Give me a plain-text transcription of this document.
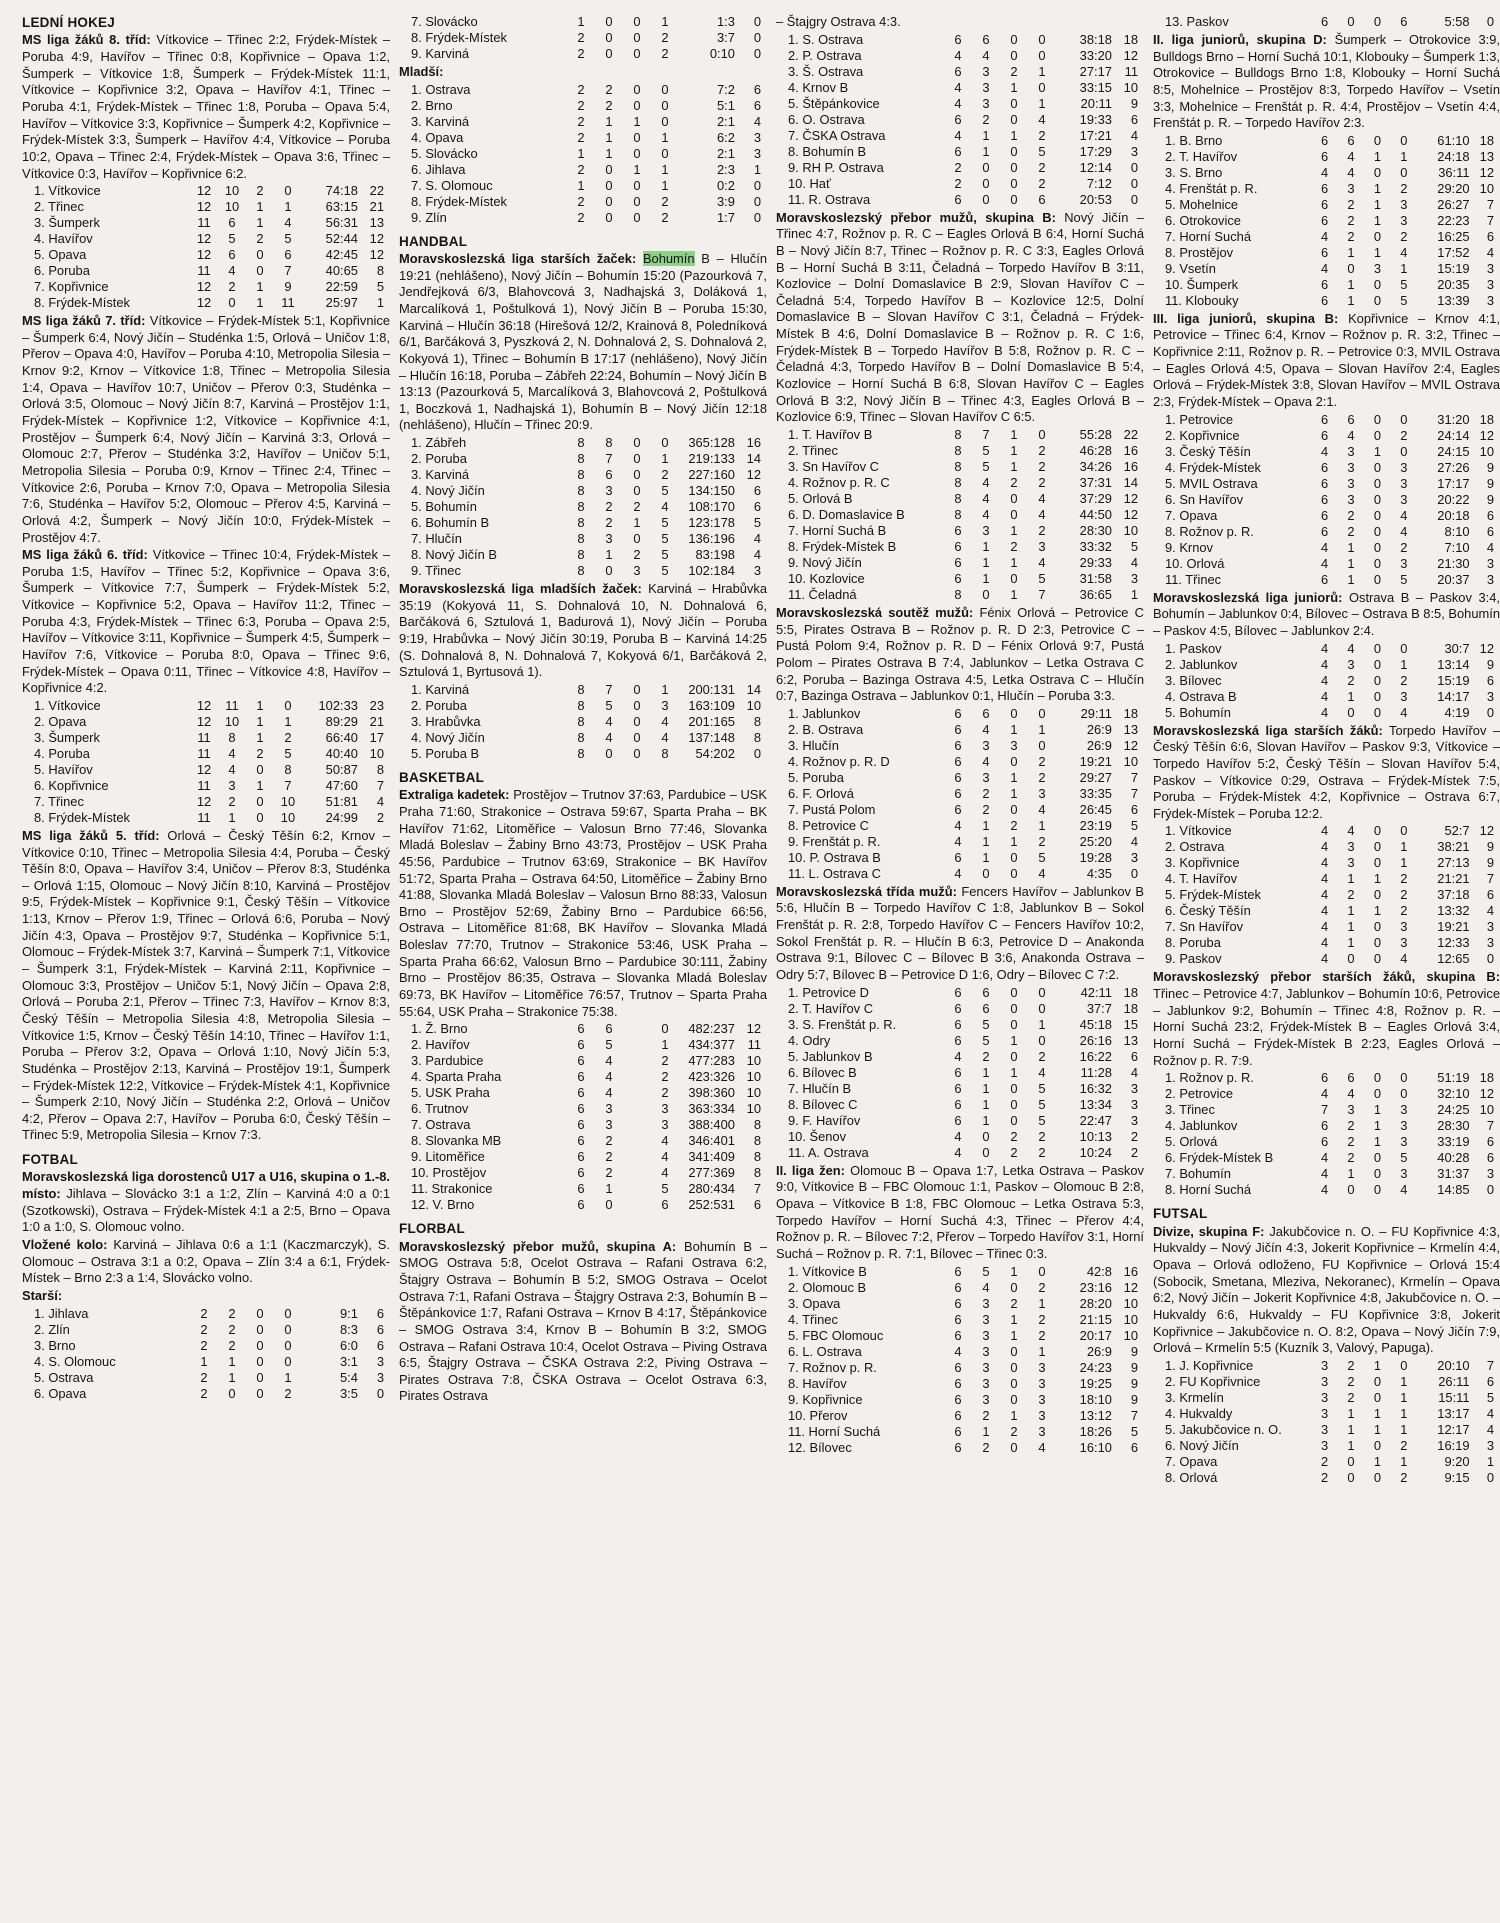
LEDNÍ HOKEJ

MS liga žáků 8. tříd: Vítkovice – Třinec 2:2, Frýdek-Místek – Poruba 4:9, Havířov – Třinec 0:8, Kopřivnice – Opava 1:2, Šumperk – Vítkovice 1:8, Šumperk – Frýdek-Místek 11:1, Vítkovice – Kopřivnice 3:2, Opava – Havířov 4:1, Třinec – Poruba 4:1, Frýdek-Místek – Třinec 1:8, Poruba – Opava 5:4, Havířov – Vítkovice 3:3, Kopřivnice – Šumperk 4:2, Kopřivnice – Frýdek-Místek 3:3, Šumperk – Havířov 4:4, Vítkovice – Poruba 10:2, Opava – Třinec 2:4, Frýdek-Místek – Opava 3:6, Třinec – Vítkovice 0:3, Havířov – Kopřivnice 6:2.

1. Vítkovice	12	10	2	0	74:18	22
2. Třinec	12	10	1	1	63:15	21
3. Šumperk	11	6	1	4	56:31	13
4. Havířov	12	5	2	5	52:44	12
5. Opava	12	6	0	6	42:45	12
6. Poruba	11	4	0	7	40:65	8
7. Kopřivnice	12	2	1	9	22:59	5
8. Frýdek-Místek	12	0	1	11	25:97	1

MS liga žáků 7. tříd: Vítkovice – Frýdek-Místek 5:1, Kopřivnice – Šumperk 6:4, Nový Jičín – Studénka 1:5, Orlová – Uničov 1:8, Přerov – Opava 4:0, Havířov – Poruba 4:10, Metropolia Silesia – Krnov 9:2, Krnov – Vítkovice 1:8, Třinec – Metropolia Silesia 1:4, Opava – Havířov 10:7, Uničov – Přerov 0:3, Studénka – Orlová 3:5, Olomouc – Nový Jičín 8:7, Karviná – Prostějov 1:1, Frýdek-Místek – Kopřivnice 1:2, Vítkovice – Kopřivnice 4:1, Prostějov – Šumperk 6:4, Nový Jičín – Karviná 3:3, Orlová – Olomouc 2:7, Přerov – Studénka 3:2, Havířov – Uničov 5:1, Metropolia Silesia – Poruba 0:9, Krnov – Třinec 2:4, Třinec – Vítkovice 2:6, Poruba – Krnov 7:0, Opava – Metropolia Silesia 7:6, Studénka – Havířov 5:2, Olomouc – Přerov 4:5, Karviná – Orlová 4:2, Šumperk – Nový Jičín 10:0, Frýdek-Místek – Prostějov 4:7.

MS liga žáků 6. tříd: Vítkovice – Třinec 10:4, Frýdek-Místek – Poruba 1:5, Havířov – Třinec 5:2, Kopřivnice – Opava 3:6, Šumperk – Vítkovice 7:7, Šumperk – Frýdek-Místek 5:2, Vítkovice – Kopřivnice 5:2, Opava – Havířov 11:2, Třinec – Poruba 4:3, Frýdek-Místek – Třinec 6:3, Poruba – Opava 2:5, Havířov – Vítkovice 3:11, Kopřivnice – Šumperk 4:5, Šumperk – Havířov 7:6, Vítkovice – Poruba 8:0, Opava – Třinec 9:6, Frýdek-Místek – Opava 0:11, Třinec – Vítkovice 4:8, Havířov – Kopřivnice 4:2.

1. Vítkovice	12	11	1	0	102:33	23
2. Opava	12	10	1	1	89:29	21
3. Šumperk	11	8	1	2	66:40	17
4. Poruba	11	4	2	5	40:40	10
5. Havířov	12	4	0	8	50:87	8
6. Kopřivnice	11	3	1	7	47:60	7
7. Třinec	12	2	0	10	51:81	4
8. Frýdek-Místek	11	1	0	10	24:99	2

MS liga žáků 5. tříd: Orlová – Český Těšín 6:2, Krnov – Vítkovice 0:10, Třinec – Metropolia Silesia 4:4, Poruba – Český Těšín 8:0, Opava – Havířov 3:4, Uničov – Přerov 8:3, Studénka – Orlová 1:15, Olomouc – Nový Jičín 8:10, Karviná – Prostějov 9:5, Frýdek-Místek – Kopřivnice 9:1, Český Těšín – Vítkovice 1:13, Krnov – Přerov 1:9, Třinec – Orlová 6:6, Poruba – Nový Jičín 4:3, Opava – Prostějov 9:7, Studénka – Kopřivnice 5:1, Olomouc – Frýdek-Místek 3:7, Karviná – Šumperk 7:1, Vítkovice – Šumperk 3:1, Frýdek-Místek – Karviná 2:11, Kopřivnice – Olomouc 3:3, Prostějov – Uničov 5:1, Nový Jičín – Opava 2:8, Orlová – Poruba 2:1, Přerov – Třinec 7:3, Havířov – Krnov 8:3, Český Těšín – Metropolia Silesia 4:8, Metropolia Silesia – Vítkovice 1:5, Krnov – Český Těšín 14:10, Třinec – Havířov 1:1, Poruba – Přerov 3:2, Opava – Orlová 1:10, Nový Jičín 5:3, Studénka – Prostějov 2:13, Karviná – Prostějov 19:1, Šumperk – Frýdek-Místek 12:2, Vítkovice – Frýdek-Místek 4:1, Kopřivnice – Šumperk 2:10, Nový Jičín – Studénka 2:2, Orlová – Uničov 4:2, Přerov – Opava 2:7, Havířov – Poruba 6:0, Český Těšín – Třinec 5:9, Metropolia Silesia – Krnov 7:3.

FOTBAL

Moravskoslezská liga dorostenců U17 a U16, skupina o 1.-8. místo: Jihlava – Slovácko 3:1 a 1:2, Zlín – Karviná 4:0 a 0:1 (Szotkowski), Ostrava – Frýdek-Místek 4:1 a 2:5, Brno – Opava 1:0 a 1:0, S. Olomouc volno.

Vložené kolo: Karviná – Jihlava 0:6 a 1:1 (Kaczmarczyk), S. Olomouc – Ostrava 3:1 a 0:2, Opava – Zlín 3:4 a 6:1, Frýdek-Místek – Brno 2:3 a 1:4, Slovácko volno.

Starší:

1. Jihlava	2	2	0	0	9:1	6
2. Zlín	2	2	0	0	8:3	6
3. Brno	2	2	0	0	6:0	6
4. S. Olomouc	1	1	0	0	3:1	3
5. Ostrava	2	1	0	1	5:4	3
6. Opava	2	0	0	2	3:5	0
7. Slovácko	1	0	0	1	1:3	0
8. Frýdek-Místek	2	0	0	2	3:7	0
9. Karviná	2	0	0	2	0:10	0

Mladší:

1. Ostrava	2	2	0	0	7:2	6
2. Brno	2	2	0	0	5:1	6
3. Karviná	2	1	1	0	2:1	4
4. Opava	2	1	0	1	6:2	3
5. Slovácko	1	1	0	0	2:1	3
6. Jihlava	2	0	1	1	2:3	1
7. S. Olomouc	1	0	0	1	0:2	0
8. Frýdek-Místek	2	0	0	2	3:9	0
9. Zlín	2	0	0	2	1:7	0
HANDBAL

Moravskoslezská liga starších žaček: Bohumín B – Hlučín 19:21 (nehlášeno), Nový Jičín – Bohumín 15:20 (Pazourková 7, Jendřejková 6/3, Blahovcová 3, Nadhajská 3, Doláková 1, Marcalíková 1, Poštulková 1), Nový Jičín B – Poruba 15:30, Karviná – Hlučín 36:18 (Hirešová 12/2, Krainová 8, Poledníková 6/1, Barčáková 3, Pyszková 2, N. Dohnalová 2, S. Dohnalová 2, Kokyová 1), Třinec – Bohumín B 17:17 (nehlášeno), Nový Jičín – Hlučín 16:18, Poruba – Zábřeh 22:24, Bohumín – Nový Jičín B 13:13 (Pazourková 5, Marcalíková 3, Blahovcová 2, Poštulková 1, Boczková 1, Nadhajská 1), Bohumín B – Nový Jičín 12:18 (nehlášeno), Hlučín – Třinec 20:9.

1. Zábřeh	8	8	0	0	365:128	16
2. Poruba	8	7	0	1	219:133	14
3. Karviná	8	6	0	2	227:160	12
4. Nový Jičín	8	3	0	5	134:150	6
5. Bohumín	8	2	2	4	108:170	6
6. Bohumín B	8	2	1	5	123:178	5
7. Hlučín	8	3	0	5	136:196	4
8. Nový Jičín B	8	1	2	5	83:198	4
9. Třinec	8	0	3	5	102:184	3

Moravskoslezská liga mladších žaček: Karviná – Hrabůvka 35:19 (Kokyová 11, S. Dohnalová 10, N. Dohnalová 6, Barčáková 6, Sztulová 1, Badurová 1), Nový Jičín – Poruba 9:19, Hrabůvka – Nový Jičín 30:19, Poruba B – Karviná 14:25 (S. Dohnalová 8, N. Dohnalová 7, Kokyová 6/1, Barčáková 2, Sztulová 1, Byrtusová 1).

1. Karviná	8	7	0	1	200:131	14
2. Poruba	8	5	0	3	163:109	10
3. Hrabůvka	8	4	0	4	201:165	8
4. Nový Jičín	8	4	0	4	137:148	8
5. Poruba B	8	0	0	8	54:202	0
BASKETBAL

Extraliga kadetek: Prostějov – Trutnov 37:63, Pardubice – USK Praha 71:60, Strakonice – Ostrava 59:67, Sparta Praha – BK Havířov 71:62, Litoměřice – Valosun Brno 77:46, Slovanka Mladá Boleslav – Žabiny Brno 43:73, Prostějov – USK Praha 45:56, Pardubice – Trutnov 63:69, Strakonice – BK Havířov 51:72, Sparta Praha – Ostrava 64:50, Litoměřice – Žabiny Brno 41:88, Slovanka Mladá Boleslav – Valosun Brno 88:33, Valosun Brno – Prostějov 52:69, Žabiny Brno – Pardubice 66:56, Ostrava – Litoměřice 81:68, BK Havířov – Slovanka Mladá Boleslav 77:70, Trutnov – Strakonice 53:46, USK Praha – Sparta Praha 66:62, Valosun Brno – Pardubice 30:111, Žabiny Brno – Prostějov 86:35, Ostrava – Slovanka Mladá Boleslav 69:73, BK Havířov – Litoměřice 76:57, Trutnov – Sparta Praha 55:64, USK Praha – Strakonice 75:38.

1. Ž. Brno	6	6		0	482:237	12
2. Havířov	6	5		1	434:377	11
3. Pardubice	6	4		2	477:283	10
4. Sparta Praha	6	4		2	423:326	10
5. USK Praha	6	4		2	398:360	10
6. Trutnov	6	3		3	363:334	10
7. Ostrava	6	3		3	388:400	8
8. Slovanka MB	6	2		4	346:401	8
9. Litoměřice	6	2		4	341:409	8
10. Prostějov	6	2		4	277:369	8
11. Strakonice	6	1		5	280:434	7
12. V. Brno	6	0		6	252:531	6
FLORBAL

Moravskoslezský přebor mužů, skupina A: Bohumín B – SMOG Ostrava 5:8, Ocelot Ostrava – Rafani Ostrava 6:2, Štajgry Ostrava – Bohumín B 5:2, SMOG Ostrava – Ocelot Ostrava 7:1, Rafani Ostrava – Štajgry Ostrava 2:3, Bohumín B – Štěpánkovice 1:7, Rafani Ostrava – Krnov B 4:17, Štěpánkovice – SMOG Ostrava 3:4, Krnov B – Bohumín B 3:2, SMOG Ostrava – Rafani Ostrava 10:4, Ocelot Ostrava – Piving Ostrava 6:5, Štajgry Ostrava – ČSKA Ostrava 2:2, Piving Ostrava – Pirates Ostrava 7:8, ČSKA Ostrava – Ocelot Ostrava 6:3, Pirates Ostrava

– Štajgry Ostrava 4:3.

1. S. Ostrava	6	6	0	0	38:18	18
2. P. Ostrava	4	4	0	0	33:20	12
3. Š. Ostrava	6	3	2	1	27:17	11
4. Krnov B	4	3	1	0	33:15	10
5. Štěpánkovice	4	3	0	1	20:11	9
6. O. Ostrava	6	2	0	4	19:33	6
7. ČSKA Ostrava	4	1	1	2	17:21	4
8. Bohumín B	6	1	0	5	17:29	3
9. RH P. Ostrava	2	0	0	2	12:14	0
10. Hať	2	0	0	2	7:12	0
11. R. Ostrava	6	0	0	6	20:53	0

Moravskoslezský přebor mužů, skupina B: Nový Jičín – Třinec 4:7, Rožnov p. R. C – Eagles Orlová B 6:4, Horní Suchá B – Nový Jičín 8:7, Třinec – Rožnov p. R. C 3:3, Eagles Orlová B – Horní Suchá B 3:11, Čeladná – Torpedo Havířov B 3:11, Kozlovice – Dolní Domaslavice B 2:9, Slovan Havířov C – Čeladná 5:4, Torpedo Havířov B – Kozlovice 12:5, Dolní Domaslavice B – Slovan Havířov C 3:1, Čeladná – Frýdek-Místek B 4:6, Dolní Domaslavice B – Rožnov p. R. C 1:6, Frýdek-Místek B – Torpedo Havířov B 5:8, Rožnov p. R. C – Čeladná 4:3, Torpedo Havířov B – Dolní Domaslavice B 5:4, Kozlovice – Horní Suchá B 6:8, Slovan Havířov C – Eagles Orlová B 3:2, Nový Jičín B – Třinec 4:3, Eagles Orlová B – Kozlovice 6:9, Třinec – Slovan Havířov C 6:5.

1. T. Havířov B	8	7	1	0	55:28	22
2. Třinec	8	5	1	2	46:28	16
3. Sn Havířov C	8	5	1	2	34:26	16
4. Rožnov p. R. C	8	4	2	2	37:31	14
5. Orlová B	8	4	0	4	37:29	12
6. D. Domaslavice B	8	4	0	4	44:50	12
7. Horní Suchá B	6	3	1	2	28:30	10
8. Frýdek-Místek B	6	1	2	3	33:32	5
9. Nový Jičín	6	1	1	4	29:33	4
10. Kozlovice	6	1	0	5	31:58	3
11. Čeladná	8	0	1	7	36:65	1

Moravskoslezská soutěž mužů: Fénix Orlová – Petrovice C 5:5, Pirates Ostrava B – Rožnov p. R. D 2:3, Petrovice C – Pustá Polom 9:4, Rožnov p. R. D – Fénix Orlová 9:7, Pustá Polom – Pirates Ostrava B 7:4, Jablunkov – Letka Ostrava C 6:2, Poruba – Bazinga Ostrava 4:5, Letka Ostrava C – Hlučín 0:7, Bazinga Ostrava – Jablunkov 0:1, Hlučín – Poruba 3:3.

1. Jablunkov	6	6	0	0	29:11	18
2. B. Ostrava	6	4	1	1	26:9	13
3. Hlučín	6	3	3	0	26:9	12
4. Rožnov p. R. D	6	4	0	2	19:21	10
5. Poruba	6	3	1	2	29:27	7
6. F. Orlová	6	2	1	3	33:35	7
7. Pustá Polom	6	2	0	4	26:45	6
8. Petrovice C	4	1	2	1	23:19	5
9. Frenštát p. R.	4	1	1	2	25:20	4
10. P. Ostrava B	6	1	0	5	19:28	3
11. L. Ostrava C	4	0	0	4	4:35	0

Moravskoslezská třída mužů: Fencers Havířov – Jablunkov B 5:6, Hlučín B – Torpedo Havířov C 1:8, Jablunkov B – Sokol Frenštát p. R. 2:8, Torpedo Havířov C – Fencers Havířov 10:2, Sokol Frenštát p. R. – Hlučín B 6:3, Petrovice D – Anakonda Ostrava 9:1, Bílovec C – Bílovec B 3:6, Anakonda Ostrava – Odry 5:7, Bílovec B – Petrovice D 1:6, Odry – Bílovec C 7:2.

1. Petrovice D	6	6	0	0	42:11	18
2. T. Havířov C	6	6	0	0	37:7	18
3. S. Frenštát p. R.	6	5	0	1	45:18	15
4. Odry	6	5	1	0	26:16	13
5. Jablunkov B	4	2	0	2	16:22	6
6. Bílovec B	6	1	1	4	11:28	4
7. Hlučín B	6	1	0	5	16:32	3
8. Bílovec C	6	1	0	5	13:34	3
9. F. Havířov	6	1	0	5	22:47	3
10. Šenov	4	0	2	2	10:13	2
11. A. Ostrava	4	0	2	2	10:24	2

II. liga žen: Olomouc B – Opava 1:7, Letka Ostrava – Paskov 9:0, Vítkovice B – FBC Olomouc 1:1, Paskov – Olomouc B 2:8, Opava – Vítkovice B 1:8, FBC Olomouc – Letka Ostrava 5:3, Torpedo Havířov – Horní Suchá 4:3, Třinec – Přerov 4:4, Rožnov p. R. – Bílovec 7:2, Přerov – Torpedo Havířov 3:1, Horní Suchá – Rožnov p. R. 7:1, Bílovec – Třinec 0:3.

1. Vítkovice B	6	5	1	0	42:8	16
2. Olomouc B	6	4	0	2	23:16	12
3. Opava	6	3	2	1	28:20	10
4. Třinec	6	3	1	2	21:15	10
5. FBC Olomouc	6	3	1	2	20:17	10
6. L. Ostrava	4	3	0	1	26:9	9
7. Rožnov p. R.	6	3	0	3	24:23	9
8. Havířov	6	3	0	3	19:25	9
9. Kopřivnice	6	3	0	3	18:10	9
10. Přerov	6	2	1	3	13:12	7
11. Horní Suchá	6	1	2	3	18:26	5
12. Bílovec	6	2	0	4	16:10	6
13. Paskov	6	0	0	6	5:58	0

II. liga juniorů, skupina D: Šumperk – Otrokovice 3:9, Bulldogs Brno – Horní Suchá 10:1, Klobouky – Šumperk 1:3, Otrokovice – Bulldogs Brno 1:8, Klobouky – Horní Suchá 8:5, Mohelnice – Prostějov 8:3, Torpedo Havířov – Vsetín 3:3, Mohelnice – Frenštát p. R. 4:4, Prostějov – Vsetín 4:4, Frenštát p. R. – Torpedo Havířov 2:3.

1. B. Brno	6	6	0	0	61:10	18
2. T. Havířov	6	4	1	1	24:18	13
3. S. Brno	4	4	0	0	36:11	12
4. Frenštát p. R.	6	3	1	2	29:20	10
5. Mohelnice	6	2	1	3	26:27	7
6. Otrokovice	6	2	1	3	22:23	7
7. Horní Suchá	4	2	0	2	16:25	6
8. Prostějov	6	1	1	4	17:52	4
9. Vsetín	4	0	3	1	15:19	3
10. Šumperk	6	1	0	5	20:35	3
11. Klobouky	6	1	0	5	13:39	3

III. liga juniorů, skupina B: Kopřivnice – Krnov 4:1, Petrovice – Třinec 6:4, Krnov – Rožnov p. R. 3:2, Třinec – Kopřivnice 2:11, Rožnov p. R. – Petrovice 0:3, MVIL Ostrava – Eagles Orlová 4:5, Opava – Slovan Havířov 2:4, Eagles Orlová – Frýdek-Místek 3:8, Slovan Havířov – MVIL Ostrava 2:3, Frýdek-Místek – Opava 2:1.

1. Petrovice	6	6	0	0	31:20	18
2. Kopřivnice	6	4	0	2	24:14	12
3. Český Těšín	4	3	1	0	24:15	10
4. Frýdek-Místek	6	3	0	3	27:26	9
5. MVIL Ostrava	6	3	0	3	17:17	9
6. Sn Havířov	6	3	0	3	20:22	9
7. Opava	6	2	0	4	20:18	6
8. Rožnov p. R.	6	2	0	4	8:10	6
9. Krnov	4	1	0	2	7:10	4
10. Orlová	4	1	0	3	21:30	3
11. Třinec	6	1	0	5	20:37	3

Moravskoslezská liga juniorů: Ostrava B – Paskov 3:4, Bohumín – Jablunkov 0:4, Bílovec – Ostrava B 8:5, Bohumín – Paskov 4:5, Bílovec – Jablunkov 2:4.

1. Paskov	4	4	0	0	30:7	12
2. Jablunkov	4	3	0	1	13:14	9
3. Bílovec	4	2	0	2	15:19	6
4. Ostrava B	4	1	0	3	14:17	3
5. Bohumín	4	0	0	4	4:19	0

Moravskoslezská liga starších žáků: Torpedo Havířov – Český Těšín 6:6, Slovan Havířov – Paskov 9:3, Vítkovice – Torpedo Havířov 5:2, Český Těšín – Slovan Havířov 5:4, Paskov – Vítkovice 0:29, Ostrava – Frýdek-Místek 7:5, Poruba – Frýdek-Místek 4:2, Kopřivnice – Ostrava 6:7, Frýdek-Místek – Poruba 12:2.

1. Vítkovice	4	4	0	0	52:7	12
2. Ostrava	4	3	0	1	38:21	9
3. Kopřivnice	4	3	0	1	27:13	9
4. T. Havířov	4	1	1	2	21:21	7
5. Frýdek-Místek	4	2	0	2	37:18	6
6. Český Těšín	4	1	1	2	13:32	4
7. Sn Havířov	4	1	0	3	19:21	3
8. Poruba	4	1	0	3	12:33	3
9. Paskov	4	0	0	4	12:65	0

Moravskoslezský přebor starších žáků, skupina B: Třinec – Petrovice 4:7, Jablunkov – Bohumín 10:6, Petrovice – Jablunkov 9:2, Bohumín – Třinec 4:8, Rožnov p. R. – Horní Suchá 23:2, Frýdek-Místek B – Eagles Orlová 3:4, Horní Suchá – Frýdek-Místek B 2:23, Eagles Orlová – Rožnov p. R. 7:9.

1. Rožnov p. R.	6	6	0	0	51:19	18
2. Petrovice	4	4	0	0	32:10	12
3. Třinec	7	3	1	3	24:25	10
4. Jablunkov	6	2	1	3	28:30	7
5. Orlová	6	2	1	3	33:19	6
6. Frýdek-Místek B	4	2	0	5	40:28	6
7. Bohumín	4	1	0	3	31:37	3
8. Horní Suchá	4	0	0	4	14:85	0
FUTSAL

Divize, skupina F: Jakubčovice n. O. – FU Kopřivnice 4:3, Hukvaldy – Nový Jičín 4:3, Jokerit Kopřivnice – Krmelín 4:4, Opava – Orlová odloženo, FU Kopřivnice – Orlová 15:4 (Sobocik, Smetana, Mleziva, Nekoranec), Krmelín – Opava 6:2, Nový Jičín – Jokerit Kopřivnice 4:8, Jakubčovice n. O. – Hukvaldy 6:6, Hukvaldy – FU Kopřivnice 3:8, Jokerit Kopřivnice – Jakubčovice n. O. 8:2, Opava – Nový Jičín 7:9, Orlová – Krmelín 5:5 (Kuzník 3, Valový, Papuga).

1. J. Kopřivnice	3	2	1	0	20:10	7
2. FU Kopřivnice	3	2	0	1	26:11	6
3. Krmelín	3	2	0	1	15:11	5
4. Hukvaldy	3	1	1	1	13:17	4
5. Jakubčovice n. O.	3	1	1	1	12:17	4
6. Nový Jičín	3	1	0	2	16:19	3
7. Opava	2	0	1	1	9:20	1
8. Orlová	2	0	0	2	9:15	0
